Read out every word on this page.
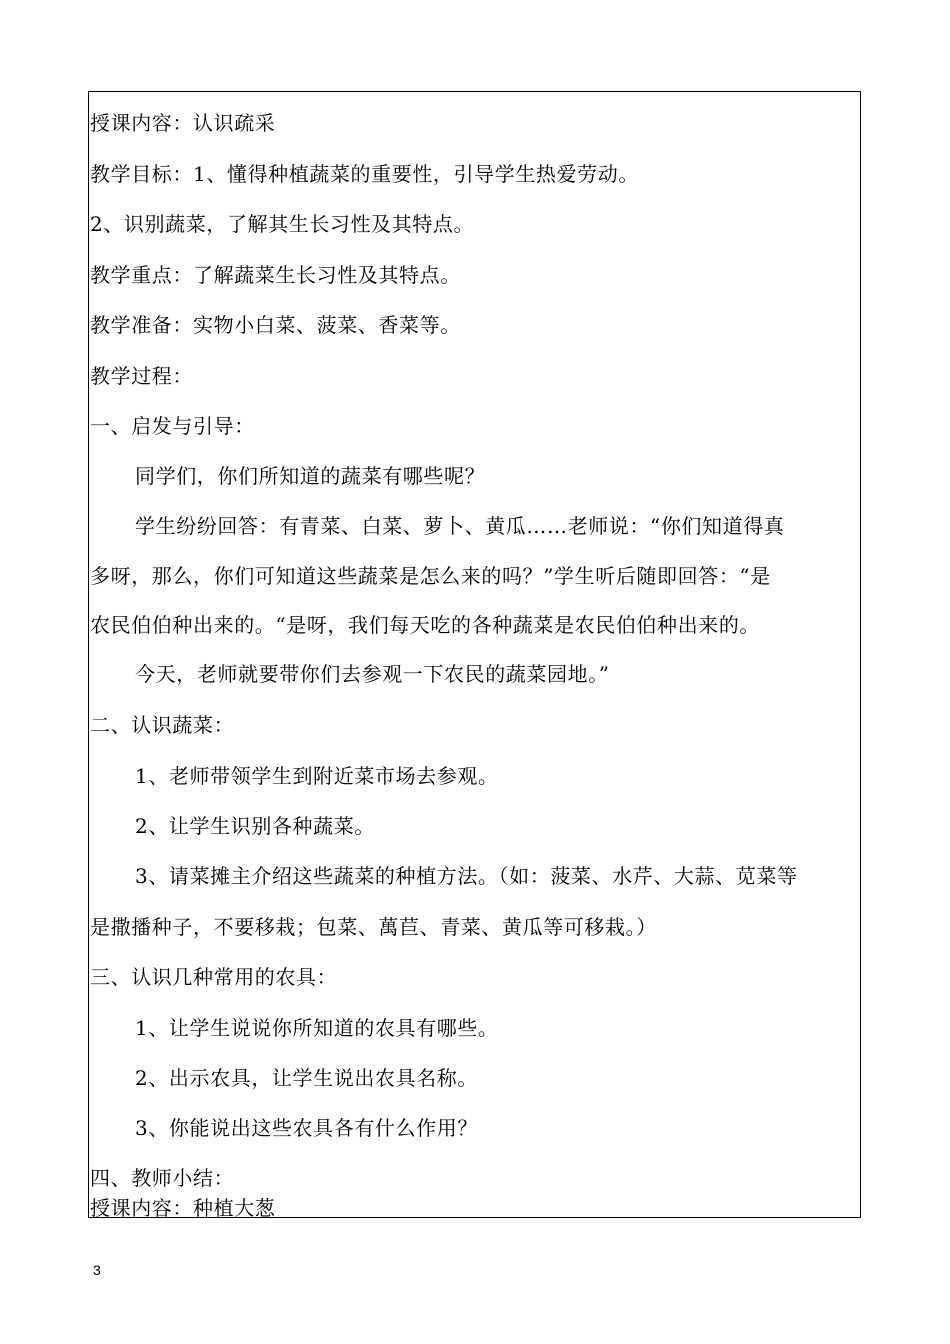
授课内容：认识疏采
教学目标：1、懂得种植蔬菜的重要性，引导学生热爱劳动。
2、识别蔬菜，了解其生长习性及其特点。
教学重点：了解蔬菜生长习性及其特点。
教学准备：实物小白菜、菠菜、香菜等。
教学过程：
一、启发与引导：
同学们，你们所知道的蔬菜有哪些呢？
学生纷纷回答：有青菜、白菜、萝卜、黄瓜……老师说：“你们知道得真
多呀，那么，你们可知道这些蔬菜是怎么来的吗？”学生听后随即回答：“是
农民伯伯种出来的。“是呀，我们每天吃的各种蔬菜是农民伯伯种出来的。
今天，老师就要带你们去参观一下农民的蔬菜园地。”
二、认识蔬菜：
1、老师带领学生到附近菜市场去参观。
2、让学生识别各种蔬菜。
3、请菜摊主介绍这些蔬菜的种植方法。（如：菠菜、水芹、大蒜、苋菜等
是撒播种子，不要移栽；包菜、萬苣、青菜、黄瓜等可移栽。）
三、认识几种常用的农具：
1、让学生说说你所知道的农具有哪些。
2、出示农具，让学生说出农具名称。
3、你能说出这些农具各有什么作用？
四、教师小结：
授课内容：种植大葱
3
